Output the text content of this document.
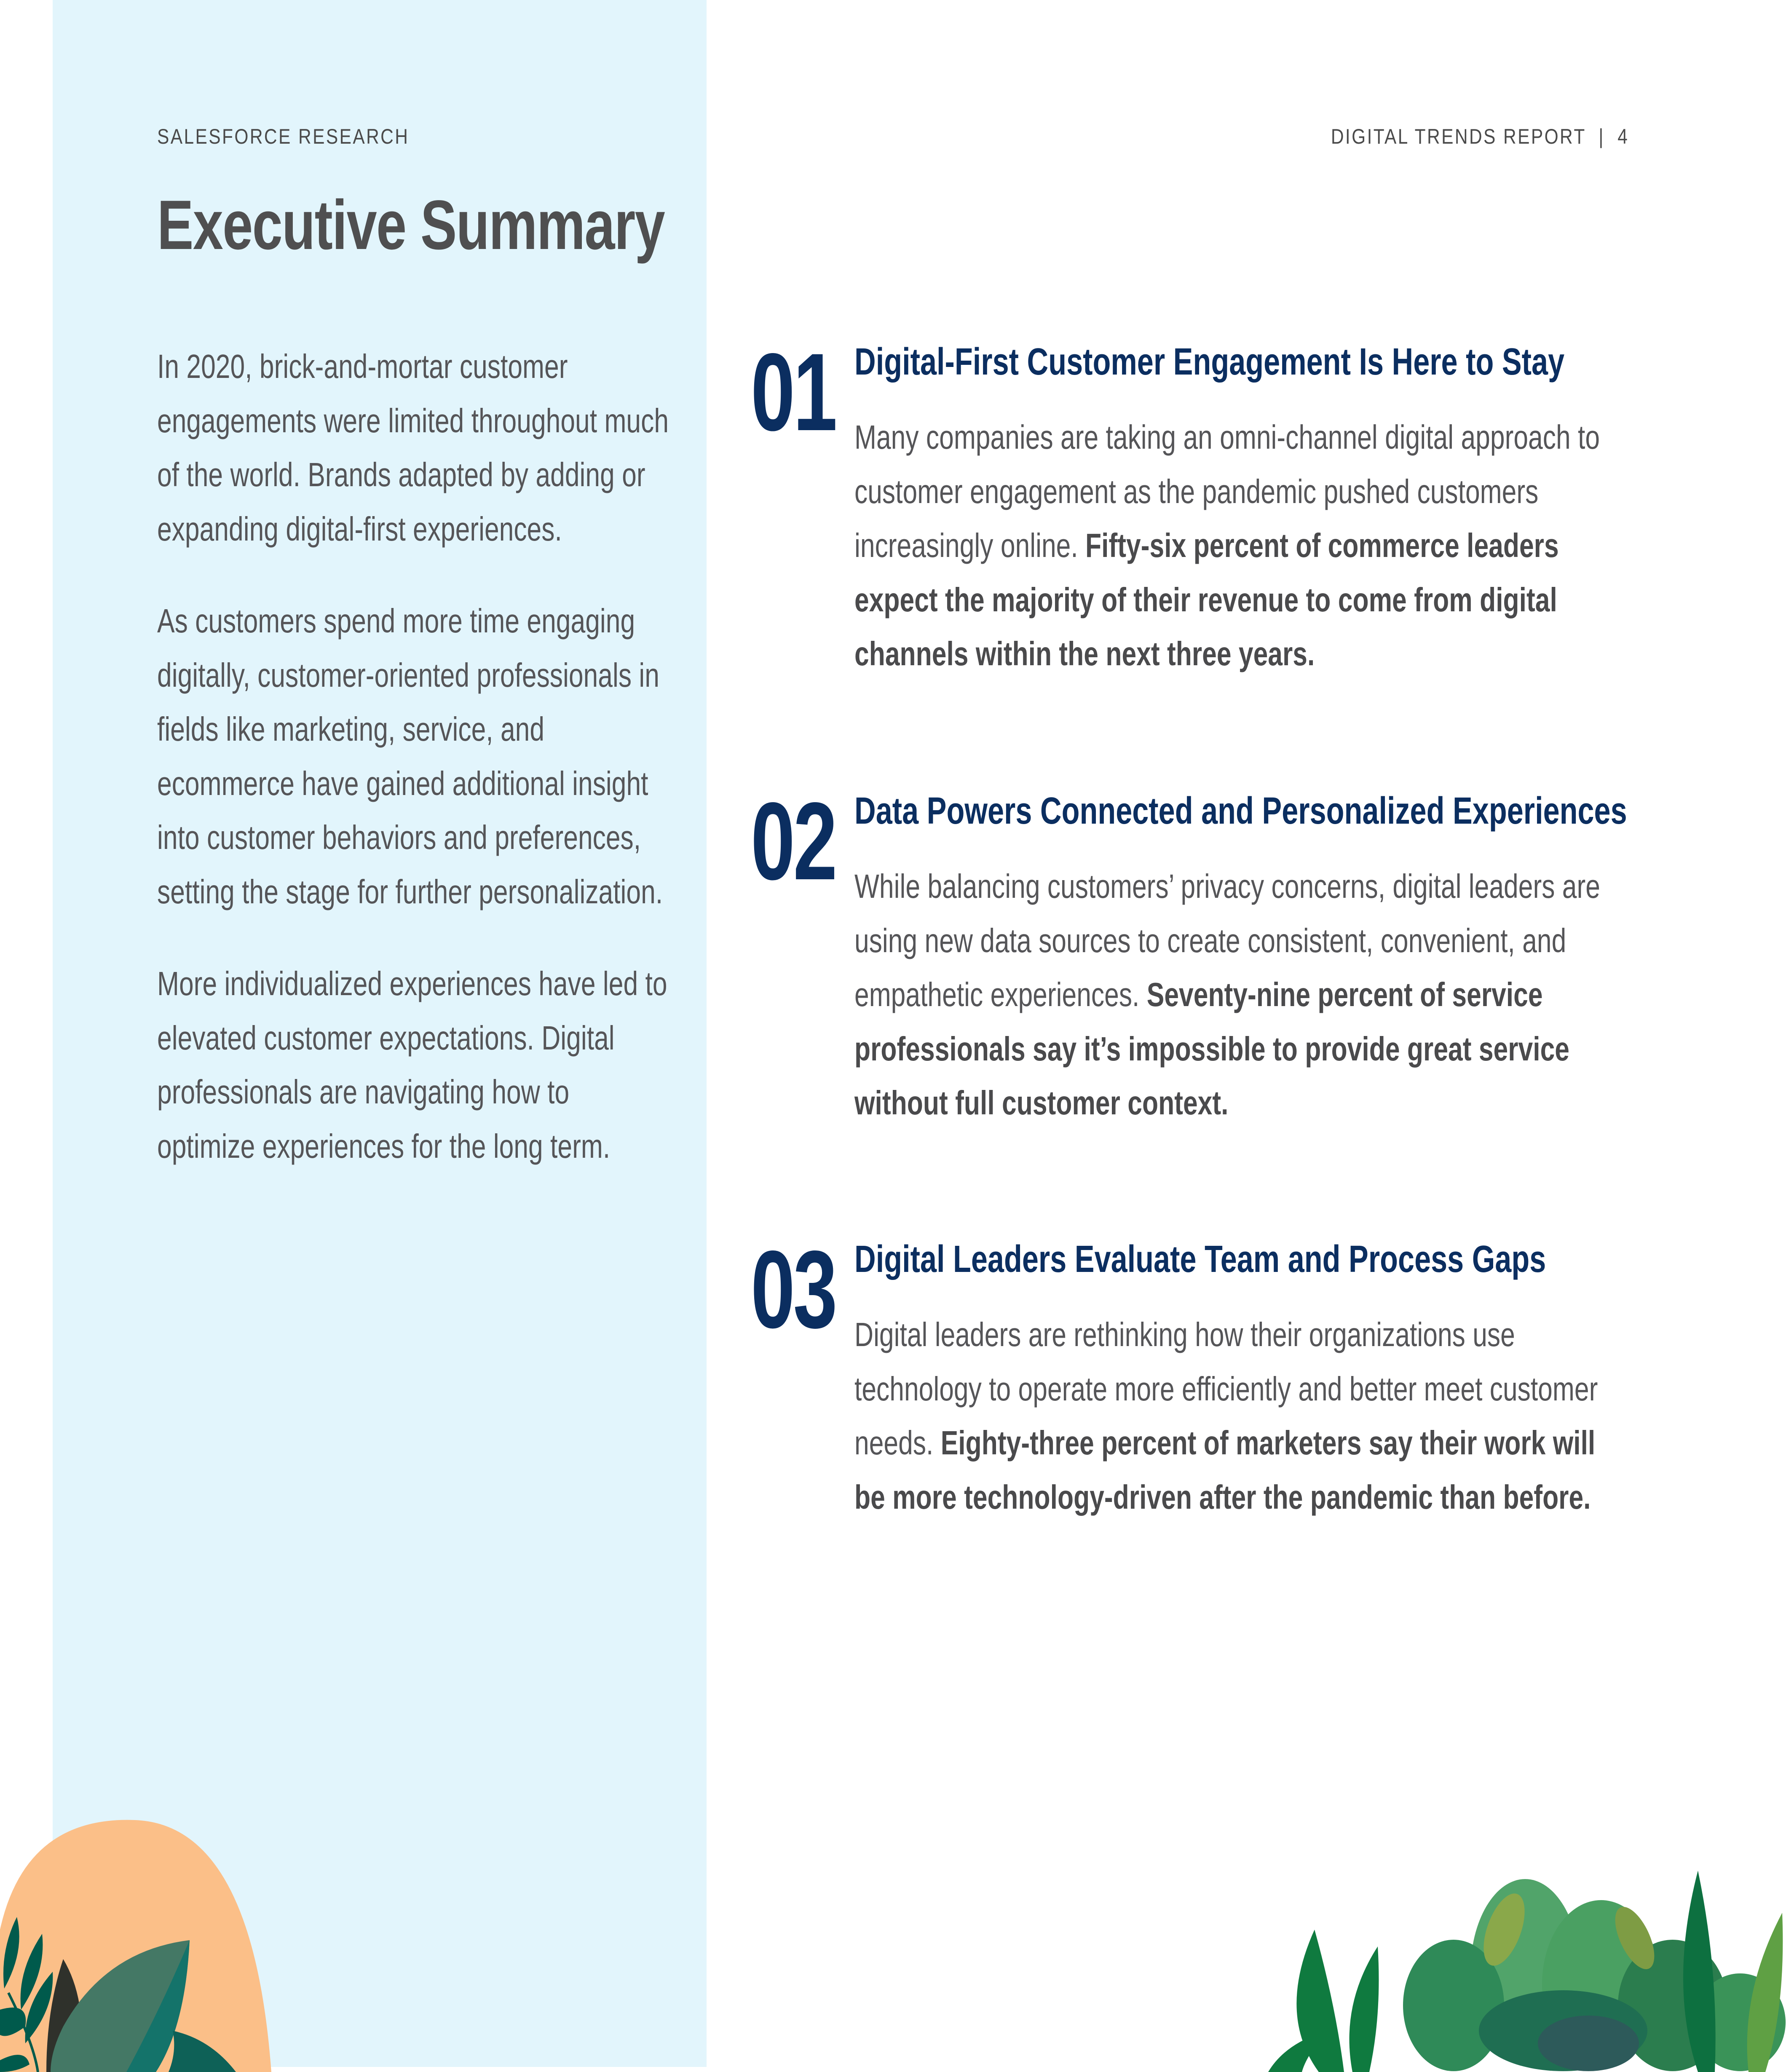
SALESFORCE RESEARCH	DIGITAL TRENDS REPORT  |  4
Executive Summary

In 2020, brick-and-mortar customer engagements were limited throughout much of the world. Brands adapted by adding or expanding digital-first experiences.

As customers spend more time engaging digitally, customer-oriented professionals in fields like marketing, service, and ecommerce have gained additional insight into customer behaviors and preferences, setting the stage for further personalization.

More individualized experiences have led to elevated customer expectations. Digital professionals are navigating how to optimize experiences for the long term.

01 Digital-First Customer Engagement Is Here to Stay
Many companies are taking an omni-channel digital approach to customer engagement as the pandemic pushed customers increasingly online. Fifty-six percent of commerce leaders expect the majority of their revenue to come from digital channels within the next three years.
02 Data Powers Connected and Personalized Experiences
While balancing customers’ privacy concerns, digital leaders are using new data sources to create consistent, convenient, and empathetic experiences. Seventy-nine percent of service professionals say it’s impossible to provide great service without full customer context.
03 Digital Leaders Evaluate Team and Process Gaps
Digital leaders are rethinking how their organizations use technology to operate more efficiently and better meet customer needs. Eighty-three percent of marketers say their work will be more technology-driven after the pandemic than before.
